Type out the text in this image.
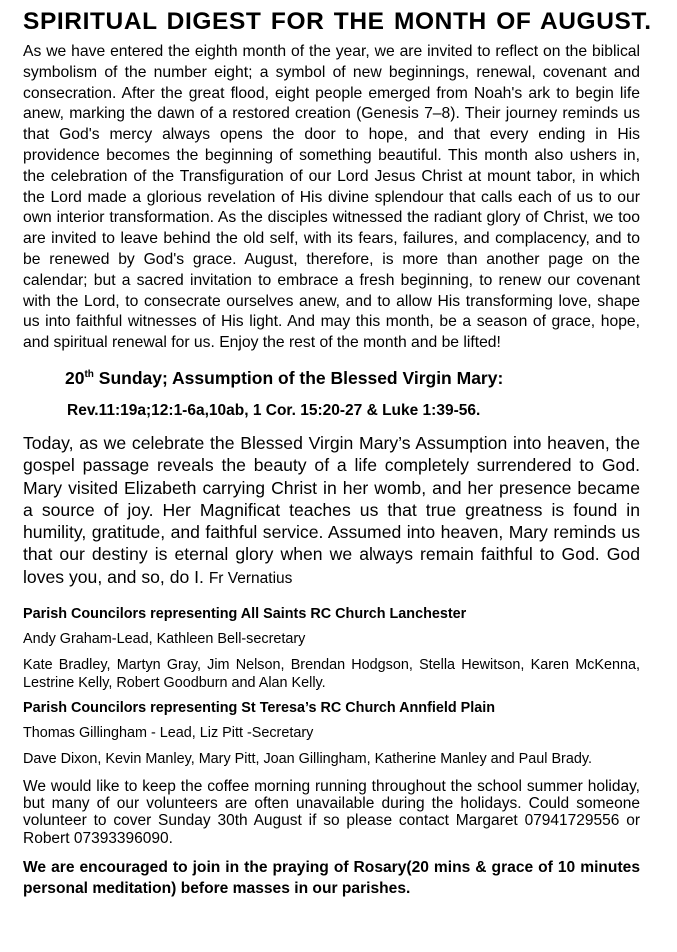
SPIRITUAL DIGEST FOR THE MONTH OF AUGUST.

As we have entered the eighth month of the year, we are invited to reflect on the biblical symbolism of the number eight; a symbol of new beginnings, renewal, covenant and consecration. After the great flood, eight people emerged from Noah's ark to begin life anew, marking the dawn of a restored creation (Genesis 7–8). Their journey reminds us that God's mercy always opens the door to hope, and that every ending in His providence becomes the beginning of something beautiful. This month also ushers in, the celebration of the Transfiguration of our Lord Jesus Christ at mount tabor, in which the Lord made a glorious revelation of His divine splendour that calls each of us to our own interior transformation. As the disciples witnessed the radiant glory of Christ, we too are invited to leave behind the old self, with its fears, failures, and complacency, and to be renewed by God's grace. August, therefore, is more than another page on the calendar; but a sacred invitation to embrace a fresh beginning, to renew our covenant with the Lord, to consecrate ourselves anew, and to allow His transforming love, shape us into faithful witnesses of His light. And may this month, be a season of grace, hope, and spiritual renewal for us. Enjoy the rest of the month and be lifted!

20th Sunday; Assumption of the Blessed Virgin Mary:
Rev.11:19a;12:1-6a,10ab, 1 Cor. 15:20-27 & Luke 1:39-56.

Today, as we celebrate the Blessed Virgin Mary’s Assumption into heaven, the gospel passage reveals the beauty of a life completely surrendered to God. Mary visited Elizabeth carrying Christ in her womb, and her presence became a source of joy. Her Magnificat teaches us that true greatness is found in humility, gratitude, and faithful service. Assumed into heaven, Mary reminds us that our destiny is eternal glory when we always remain faithful to God. God loves you, and so, do I. Fr Vernatius

Parish Councilors representing All Saints RC Church Lanchester

Andy Graham-Lead, Kathleen Bell-secretary

Kate Bradley, Martyn Gray, Jim Nelson, Brendan Hodgson, Stella Hewitson, Karen McKenna, Lestrine Kelly, Robert Goodburn and Alan Kelly.

Parish Councilors representing St Teresa’s RC Church Annfield Plain

Thomas Gillingham - Lead, Liz Pitt -Secretary

Dave Dixon, Kevin Manley, Mary Pitt, Joan Gillingham, Katherine Manley and Paul Brady.

We would like to keep the coffee morning running throughout the school summer holiday, but many of our volunteers are often unavailable during the holidays. Could someone volunteer to cover Sunday 30th August if so please contact Margaret 07941729556 or Robert 07393396090.

We are encouraged to join in the praying of Rosary(20 mins & grace of 10 minutes personal meditation) before masses in our parishes.
